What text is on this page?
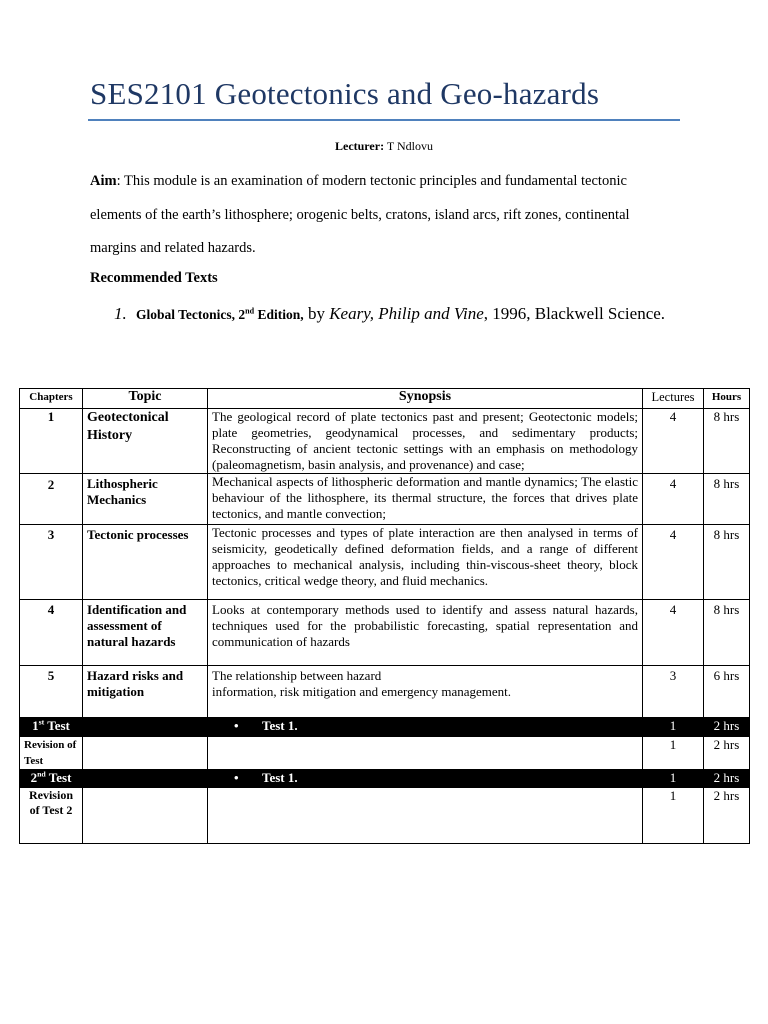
SES2101 Geotectonics and Geo-hazards
Lecturer: T Ndlovu
Aim: This module is an examination of modern tectonic principles and fundamental tectonic elements of the earth’s lithosphere; orogenic belts, cratons, island arcs, rift zones, continental margins and related hazards.
Recommended Texts
1. Global Tectonics, 2nd Edition, by Keary, Philip and Vine, 1996, Blackwell Science.
Chapters	Topic	Synopsis	Lectures	Hours
1	Geotectonical History	The geological record of plate tectonics past and present; Geotectonic models; plate geometries, geodynamical processes, and sedimentary products; Reconstructing of ancient tectonic settings with an emphasis on methodology (paleomagnetism, basin analysis, and provenance) and case;	4	8 hrs
2	Lithospheric Mechanics	Mechanical aspects of lithospheric deformation and mantle dynamics; The elastic behaviour of the lithosphere, its thermal structure, the forces that drives plate tectonics, and mantle convection;	4	8 hrs
3	Tectonic processes	Tectonic processes and types of plate interaction are then analysed in terms of seismicity, geodetically defined deformation fields, and a range of different approaches to mechanical analysis, including thin-viscous-sheet theory, block tectonics, critical wedge theory, and fluid mechanics.	4	8 hrs
4	Identification and assessment of natural hazards	Looks at contemporary methods used to identify and assess natural hazards, techniques used for the probabilistic forecasting, spatial representation and communication of hazards	4	8 hrs
5	Hazard risks and mitigation	The relationship between hazard
information, risk mitigation and emergency management.	3	6 hrs
1st Test		• Test 1.	1	2 hrs
Revision of Test			1	2 hrs
2nd Test		• Test 1.	1	2 hrs
Revision of Test 2			1	2 hrs
